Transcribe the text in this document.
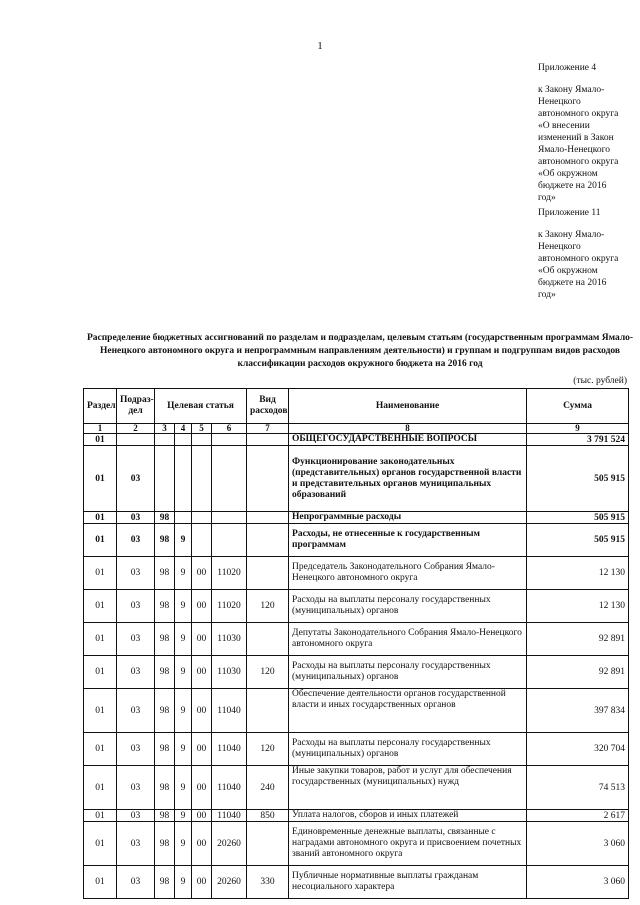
1
Приложение 4
к Закону Ямало-
Ненецкого
автономного округа
«О внесении
изменений в Закон
Ямало-Ненецкого
автономного округа
«Об окружном
бюджете на 2016
год»
Приложение 11
к Закону Ямало-
Ненецкого
автономного округа
«Об окружном
бюджете на 2016
год»
Распределение бюджетных ассигнований по разделам и подразделам, целевым статьям (государственным программам Ямало-Ненецкого автономного округа и непрограммным направлениям деятельности) и группам и подгруппам видов расходов классификации расходов окружного бюджета на 2016 год
(тыс. рублей)
Раздел	Подраз-дел	Целевая статья				Вид расходов	Наименование	Сумма
1	2	3	4	5	6	7	8	9
01							ОБЩЕГОСУДАРСТВЕННЫЕ ВОПРОСЫ	3 791 524
01	03						Функционирование законодательных (представительных) органов государственной власти и представительных органов муниципальных образований	505 915
01	03	98					Непрограммные расходы	505 915
01	03	98	9				Расходы, не отнесенные к государственным программам	505 915
01	03	98	9	00	11020		Председатель Законодательного Собрания Ямало-Ненецкого автономного округа	12 130
01	03	98	9	00	11020	120	Расходы на выплаты персоналу государственных (муниципальных) органов	12 130
01	03	98	9	00	11030		Депутаты Законодательного Собрания Ямало-Ненецкого автономного округа	92 891
01	03	98	9	00	11030	120	Расходы на выплаты персоналу государственных (муниципальных) органов	92 891
01	03	98	9	00	11040		Обеспечение деятельности органов государственной власти и иных государственных органов	397 834
01	03	98	9	00	11040	120	Расходы на выплаты персоналу государственных (муниципальных) органов	320 704
01	03	98	9	00	11040	240	Иные закупки товаров, работ и услуг для обеспечения государственных (муниципальных) нужд	74 513
01	03	98	9	00	11040	850	Уплата налогов, сборов и иных платежей	2 617
01	03	98	9	00	20260		Единовременные денежные выплаты, связанные с наградами автономного округа и присвоением почетных званий автономного округа	3 060
01	03	98	9	00	20260	330	Публичные нормативные выплаты гражданам несоциального характера	3 060
